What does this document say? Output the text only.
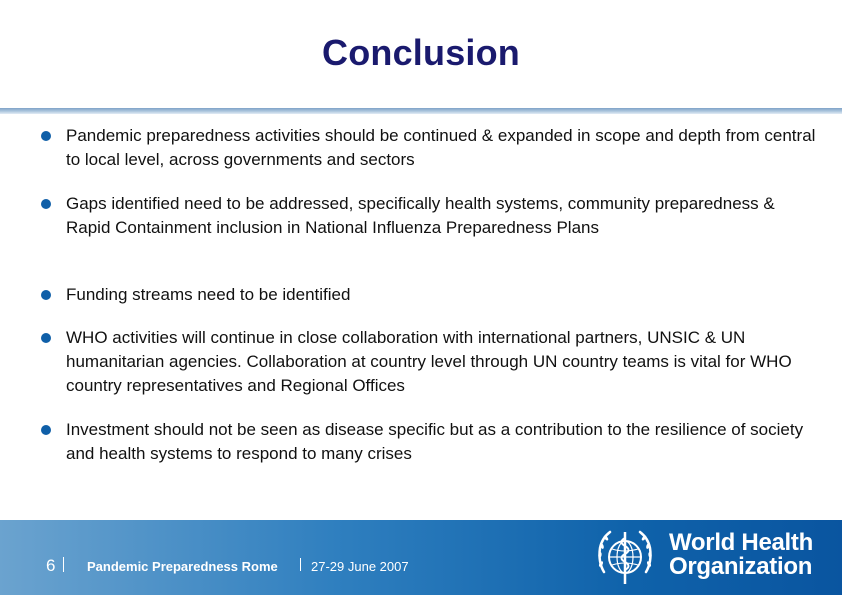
Conclusion
Pandemic preparedness activities should be continued & expanded in scope and depth from central to local level, across governments and sectors
Gaps identified need to be addressed, specifically health systems, community preparedness & Rapid Containment inclusion in National Influenza Preparedness Plans
Funding streams need to be identified
WHO activities will continue in close collaboration with international partners, UNSIC & UN humanitarian agencies. Collaboration at country level through UN country teams is vital for WHO country representatives and Regional Offices
Investment should not be seen as disease specific but as a contribution to the resilience of society and health systems to respond to many crises
6 Pandemic Preparedness Rome	27-29 June 2007
World Health
Organization
